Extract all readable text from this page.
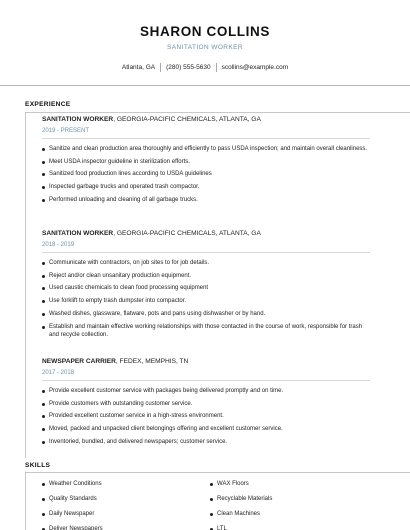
SHARON COLLINS
SANITATION WORKER
Atlanta, GA (280) 555-5630 scollins@example.com
EXPERIENCE
SANITATION WORKER, GEORGIA-PACIFIC CHEMICALS, ATLANTA, GA
2019 - PRESENT
Sanitize and clean production area thoroughly and efficiently to pass USDA inspection; and maintain overall cleanliness.
Meet USDA inspector guideline in sterilization efforts.
Sanitized food production lines according to USDA guidelines
Inspected garbage trucks and operated trash compactor.
Performed unloading and cleaning of all garbage trucks.
SANITATION WORKER, GEORGIA-PACIFIC CHEMICALS, ATLANTA, GA
2018 - 2019
Communicate with contractors, on job sites to for job details.
Reject and/or clean unsanitary production equipment.
Used caustic chemicals to clean food processing equipment
Use forklift to empty trash dumpster into compactor.
Washed dishes, glassware, flatware, pots and pans using dishwasher or by hand.
Establish and maintain effective working relationships with those contacted in the course of work, responsible for trash and recycle collection.
NEWSPAPER CARRIER, FEDEX, MEMPHIS, TN
2017 - 2018
Provide excellent customer service with packages being delivered promptly and on time.
Provide customers with outstanding customer service.
Provided excellent customer service in a high-stress environment.
Moved, packed and unpacked client belongings offering and excellent customer service.
Inventoried, bundled, and delivered newspapers; customer service.
SKILLS
Weather Conditions
Quality Standards
Daily Newspaper
Deliver Newspapers
WAX Floors
Recyclable Materials
Clean Machines
LTL
